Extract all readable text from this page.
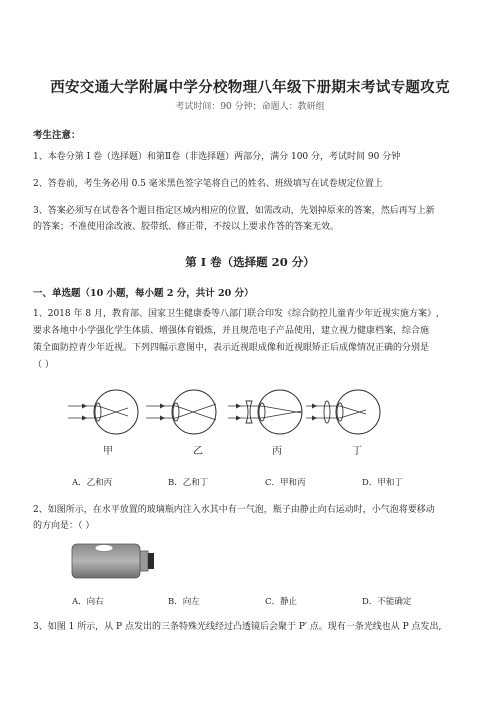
西安交通大学附属中学分校物理八年级下册期末考试专题攻克
考试时间：90 分钟；命题人：教研组
考生注意：
1、本卷分第 I 卷（选择题）和第Ⅱ卷（非选择题）两部分，满分 100 分，考试时间 90 分钟
2、答卷前，考生务必用 0.5 毫米黑色签字笔将自己的姓名、班级填写在试卷规定位置上
3、答案必须写在试卷各个题目指定区域内相应的位置，如需改动，先划掉原来的答案，然后再写上新
的答案；不准使用涂改液、胶带纸、修正带，不按以上要求作答的答案无效。
第 I 卷（选择题 20 分）
一、单选题（10 小题，每小题 2 分，共计 20 分）
1、2018 年 8 月，教育部、国家卫生健康委等八部门联合印发《综合防控儿童青少年近视实施方案》,
要求各地中小学强化学生体质、增强体育锻炼，并且规范电子产品使用，建立视力健康档案，综合施
策全面防控青少年近视。下列四幅示意图中，表示近视眼成像和近视眼矫正后成像情况正确的分别是
（ ）
甲	乙	丙	丁
A．乙和丙	B．乙和丁	C．甲和丙	D．甲和丁
2、如图所示，在水平放置的玻璃瓶内注入水其中有一气泡，瓶子由静止向右运动时，小气泡将要移动
的方向是：（ ）
A．向右	B．向左	C．静止	D．不能确定
3、如图 1 所示，从 P 点发出的三条特殊光线经过凸透镜后会聚于 P′ 点。现有一条光线也从 P 点发出,
